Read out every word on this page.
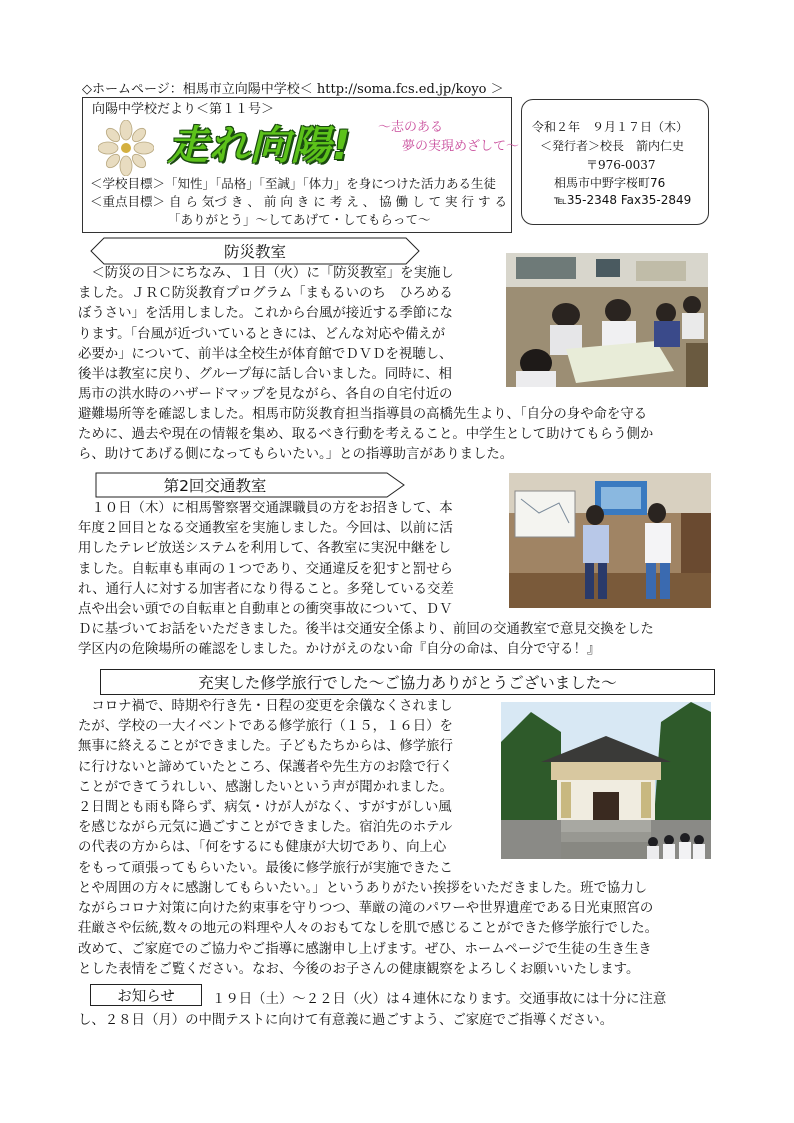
◇ホームページ：相馬市立向陽中学校＜ http://soma.fcs.ed.jp/koyo ＞
向陽中学校だより＜第１１号＞
走れ向陽! ～志のある
夢の実現めざして～
＜学校目標＞「知性」「品格」「至誠」「体力」を身につけた活力ある生徒
＜重点目標＞ 自 ら 気づ き 、 前 向 き に 考 え 、 協 働 し て 実 行 す る
「ありがとう」～してあげて・してもらって～
令和２年　９月１７日（木）
＜発行者＞校長　箭内仁史
〒976-0037
相馬市中野字桜町76
℡35-2348 Fax35-2849
防災教室

　＜防災の日＞にちなみ、１日（火）に「防災教室」を実施し

ました。ＪＲＣ防災教育プログラム「まもるいのち　ひろめる

ぼうさい」を活用しました。これから台風が接近する季節にな

ります。「台風が近づいているときには、どんな対応や備えが

必要か」について、前半は全校生が体育館でＤＶＤを視聴し、

後半は教室に戻り、グループ毎に話し合いました。同時に、相

馬市の洪水時のハザードマップを見ながら、各自の自宅付近の

避難場所等を確認しました。相馬市防災教育担当指導員の高橋先生より、「自分の身や命を守る

ために、過去や現在の情報を集め、取るべき行動を考えること。中学生として助けてもらう側か

ら、助けてあげる側になってもらいたい。」との指導助言がありました。

第2回交通教室

　１０日（木）に相馬警察署交通課職員の方をお招きして、本

年度２回目となる交通教室を実施しました。今回は、以前に活

用したテレビ放送システムを利用して、各教室に実況中継をし

ました。自転車も車両の１つであり、交通違反を犯すと罰せら

れ、通行人に対する加害者になり得ること。多発している交差

点や出会い頭での自転車と自動車との衝突事故について、ＤＶ

Ｄに基づいてお話をいただきました。後半は交通安全係より、前回の交通教室で意見交換をした

学区内の危険場所の確認をしました。かけがえのない命『自分の命は、自分で守る！』

充実した修学旅行でした～ご協力ありがとうございました～

　コロナ禍で、時期や行き先・日程の変更を余儀なくされまし

たが、学校の一大イベントである修学旅行（１５，１６日）を

無事に終えることができました。子どもたちからは、修学旅行

に行けないと諦めていたところ、保護者や先生方のお陰で行く

ことができてうれしい、感謝したいという声が聞かれました。

２日間とも雨も降らず、病気・けが人がなく、すがすがしい風

を感じながら元気に過ごすことができました。宿泊先のホテル

の代表の方からは、「何をするにも健康が大切であり、向上心

をもって頑張ってもらいたい。最後に修学旅行が実施できたこ

とや周囲の方々に感謝してもらいたい。」というありがたい挨拶をいただきました。班で協力し

ながらコロナ対策に向けた約束事を守りつつ、華厳の滝のパワーや世界遺産である日光東照宮の

荘厳さや伝統,数々の地元の料理や人々のおもてなしを肌で感じることができた修学旅行でした。

改めて、ご家庭でのご協力やご指導に感謝申し上げます。ぜひ、ホームページで生徒の生き生き

とした表情をご覧ください。なお、今後のお子さんの健康観察をよろしくお願いいたします。

お知らせ	１９日（土）～２２日（火）は４連休になります。交通事故には十分に注意

し、２８日（月）の中間テストに向けて有意義に過ごすよう、ご家庭でご指導ください。
